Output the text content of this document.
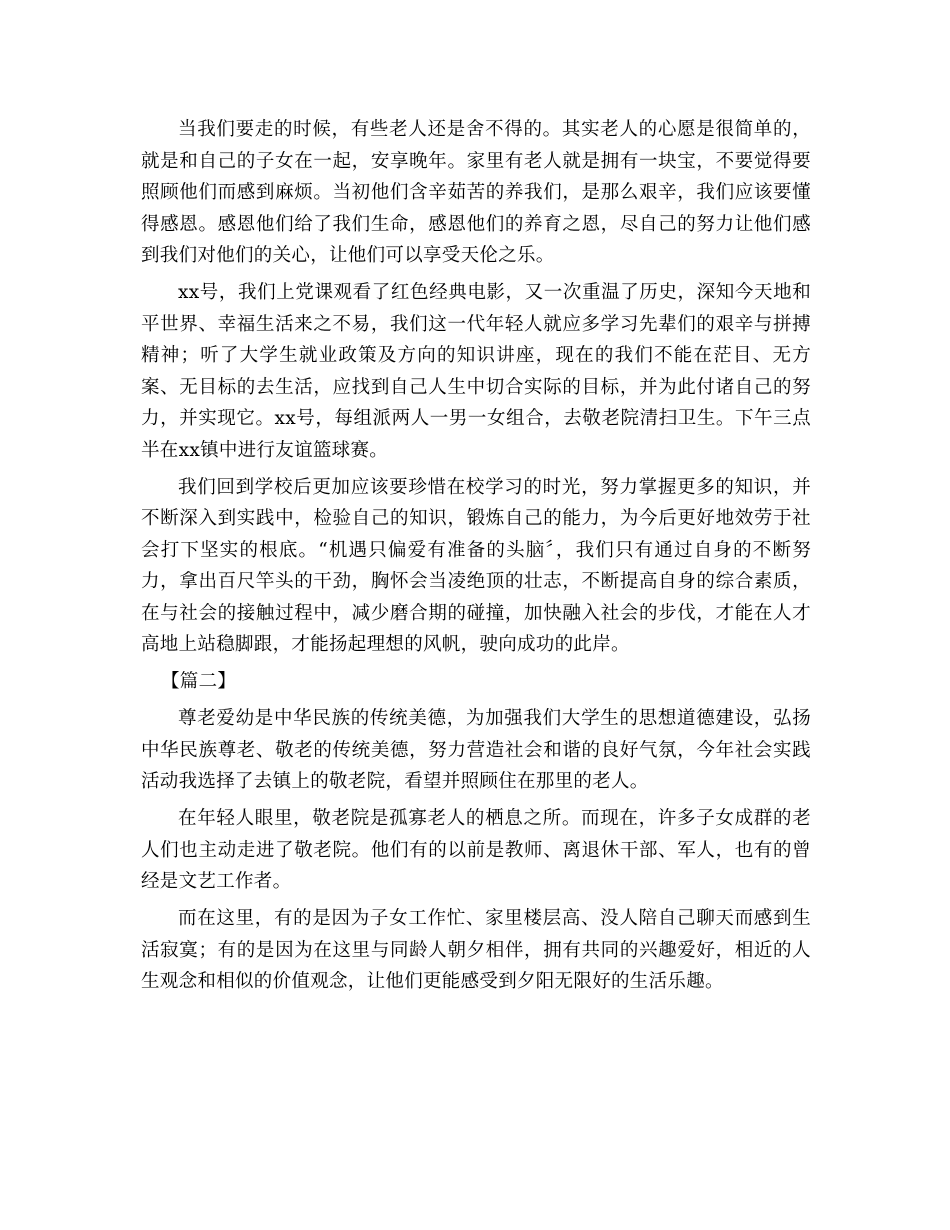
当我们要走的时候，有些老人还是舍不得的。其实老人的心愿是很简单的，就是和自己的子女在一起，安享晚年。家里有老人就是拥有一块宝，不要觉得要照顾他们而感到麻烦。当初他们含辛茹苦的养我们，是那么艰辛，我们应该要懂得感恩。感恩他们给了我们生命，感恩他们的养育之恩，尽自己的努力让他们感到我们对他们的关心，让他们可以享受天伦之乐。

xx号，我们上党课观看了红色经典电影，又一次重温了历史，深知今天地和平世界、幸福生活来之不易，我们这一代年轻人就应多学习先辈们的艰辛与拼搏精神；听了大学生就业政策及方向的知识讲座，现在的我们不能在茫目、无方案、无目标的去生活，应找到自己人生中切合实际的目标，并为此付诸自己的努力，并实现它。xx号，每组派两人一男一女组合，去敬老院清扫卫生。下午三点半在xx镇中进行友谊篮球赛。

我们回到学校后更加应该要珍惜在校学习的时光，努力掌握更多的知识，并不断深入到实践中，检验自己的知识，锻炼自己的能力，为今后更好地效劳于社会打下坚实的根底。“机遇只偏爱有准备的头脑〞，我们只有通过自身的不断努力，拿出百尺竿头的干劲，胸怀会当凌绝顶的壮志，不断提高自身的综合素质，在与社会的接触过程中，减少磨合期的碰撞，加快融入社会的步伐，才能在人才高地上站稳脚跟，才能扬起理想的风帆，驶向成功的此岸。

【篇二】

尊老爱幼是中华民族的传统美德，为加强我们大学生的思想道德建设，弘扬中华民族尊老、敬老的传统美德，努力营造社会和谐的良好气氛，今年社会实践活动我选择了去镇上的敬老院，看望并照顾住在那里的老人。

在年轻人眼里，敬老院是孤寡老人的栖息之所。而现在，许多子女成群的老人们也主动走进了敬老院。他们有的以前是教师、离退休干部、军人，也有的曾经是文艺工作者。

而在这里，有的是因为子女工作忙、家里楼层高、没人陪自己聊天而感到生活寂寞；有的是因为在这里与同龄人朝夕相伴，拥有共同的兴趣爱好，相近的人生观念和相似的价值观念，让他们更能感受到夕阳无限好的生活乐趣。
